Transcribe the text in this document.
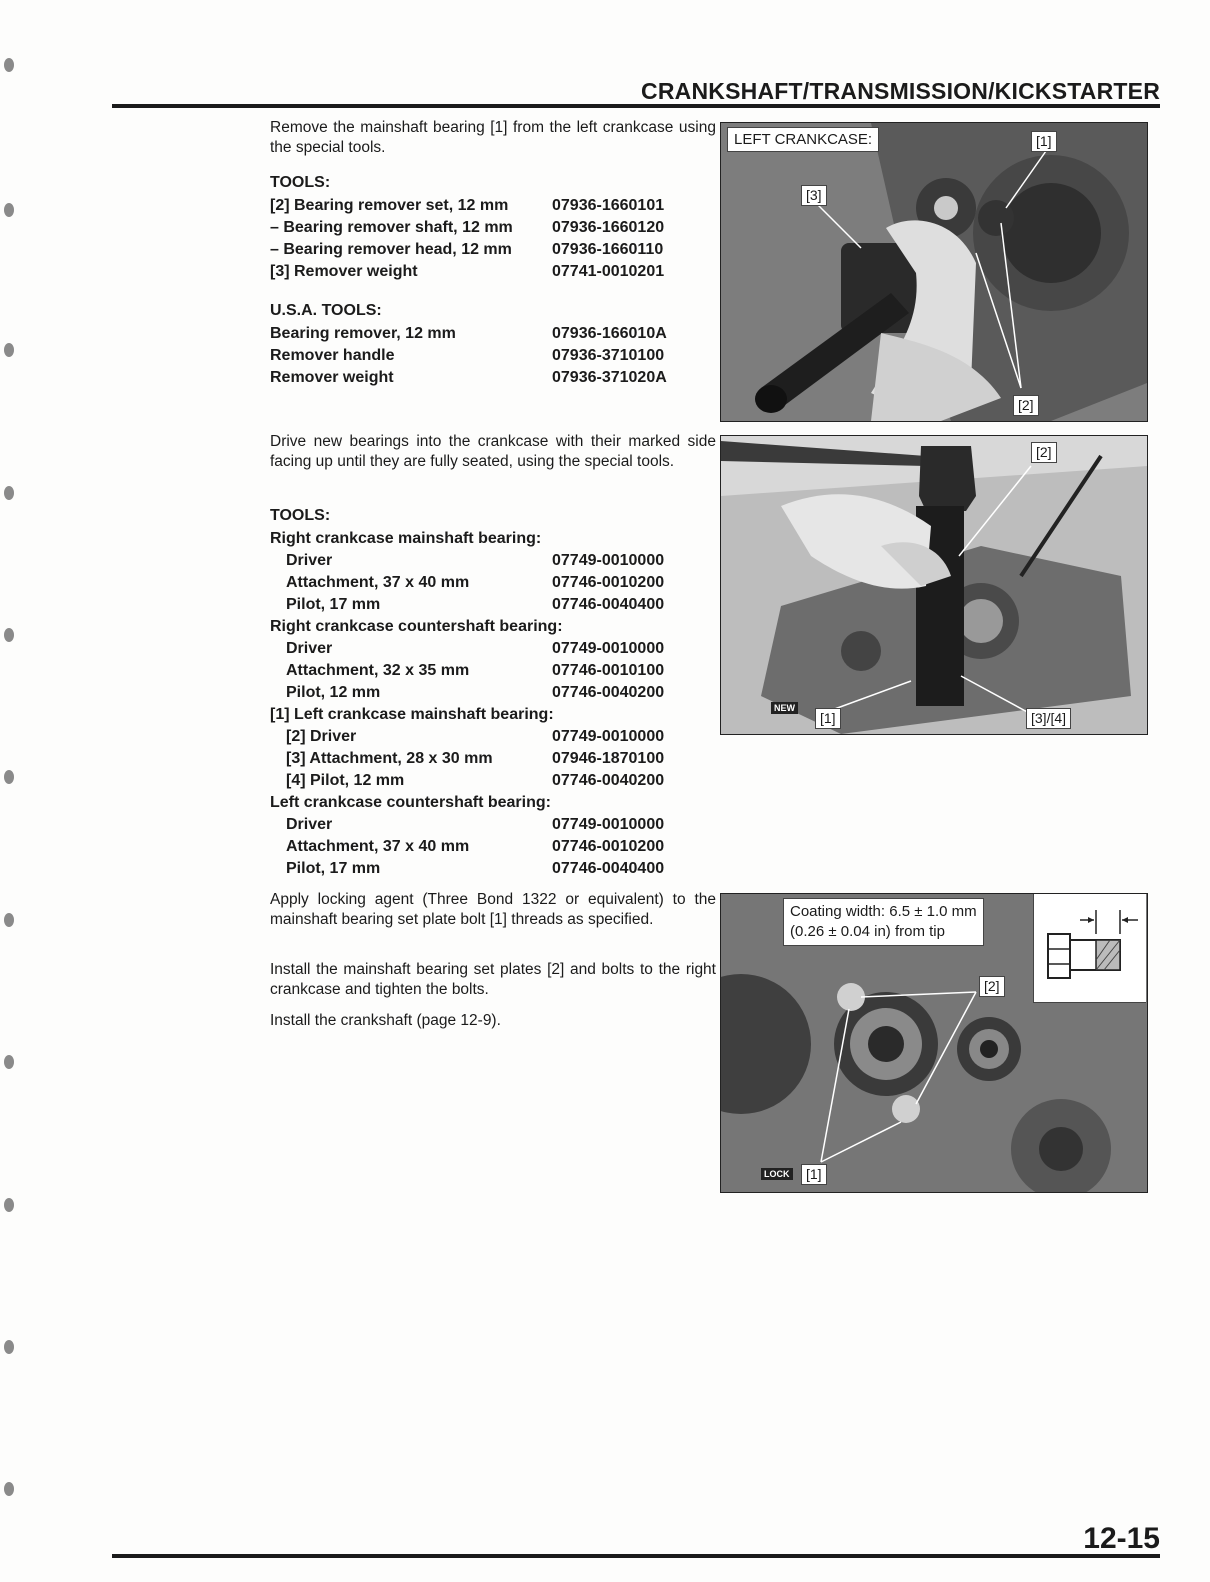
CRANKSHAFT/TRANSMISSION/KICKSTARTER
Remove the mainshaft bearing [1] from the left crankcase using the special tools.
TOOLS:
[2] Bearing remover set, 12 mm	07936-1660101
– Bearing remover shaft, 12 mm 07936-1660120
– Bearing remover head, 12 mm	07936-1660110
[3] Remover weight	07741-0010201
U.S.A. TOOLS:
Bearing remover, 12 mm	07936-166010A
Remover handle	07936-3710100
Remover weight	07936-371020A
Drive new bearings into the crankcase with their marked side facing up until they are fully seated, using the special tools.
TOOLS:
Right crankcase mainshaft bearing:
Driver	07749-0010000
Attachment, 37 x 40 mm	07746-0010200
Pilot, 17 mm	07746-0040400
Right crankcase countershaft bearing:
Driver	07749-0010000
Attachment, 32 x 35 mm	07746-0010100
Pilot, 12 mm	07746-0040200
[1] Left crankcase mainshaft bearing:
[2] Driver	07749-0010000
[3] Attachment, 28 x 30 mm	07946-1870100
[4] Pilot, 12 mm	07746-0040200
Left crankcase countershaft bearing:
Driver	07749-0010000
Attachment, 37 x 40 mm	07746-0010200
Pilot, 17 mm	07746-0040400
Apply locking agent (Three Bond 1322 or equivalent) to the mainshaft bearing set plate bolt [1] threads as specified.
Install the mainshaft bearing set plates [2] and bolts to the right crankcase and tighten the bolts.
Install the crankshaft (page 12-9).
LEFT CRANKCASE:	[1]
[3]
[2]
[2]
NEW
[1]	[3]/[4]
Coating width: 6.5 ± 1.0 mm
(0.26 ± 0.04 in) from tip
[2]
LOCK	[1]
12-15
